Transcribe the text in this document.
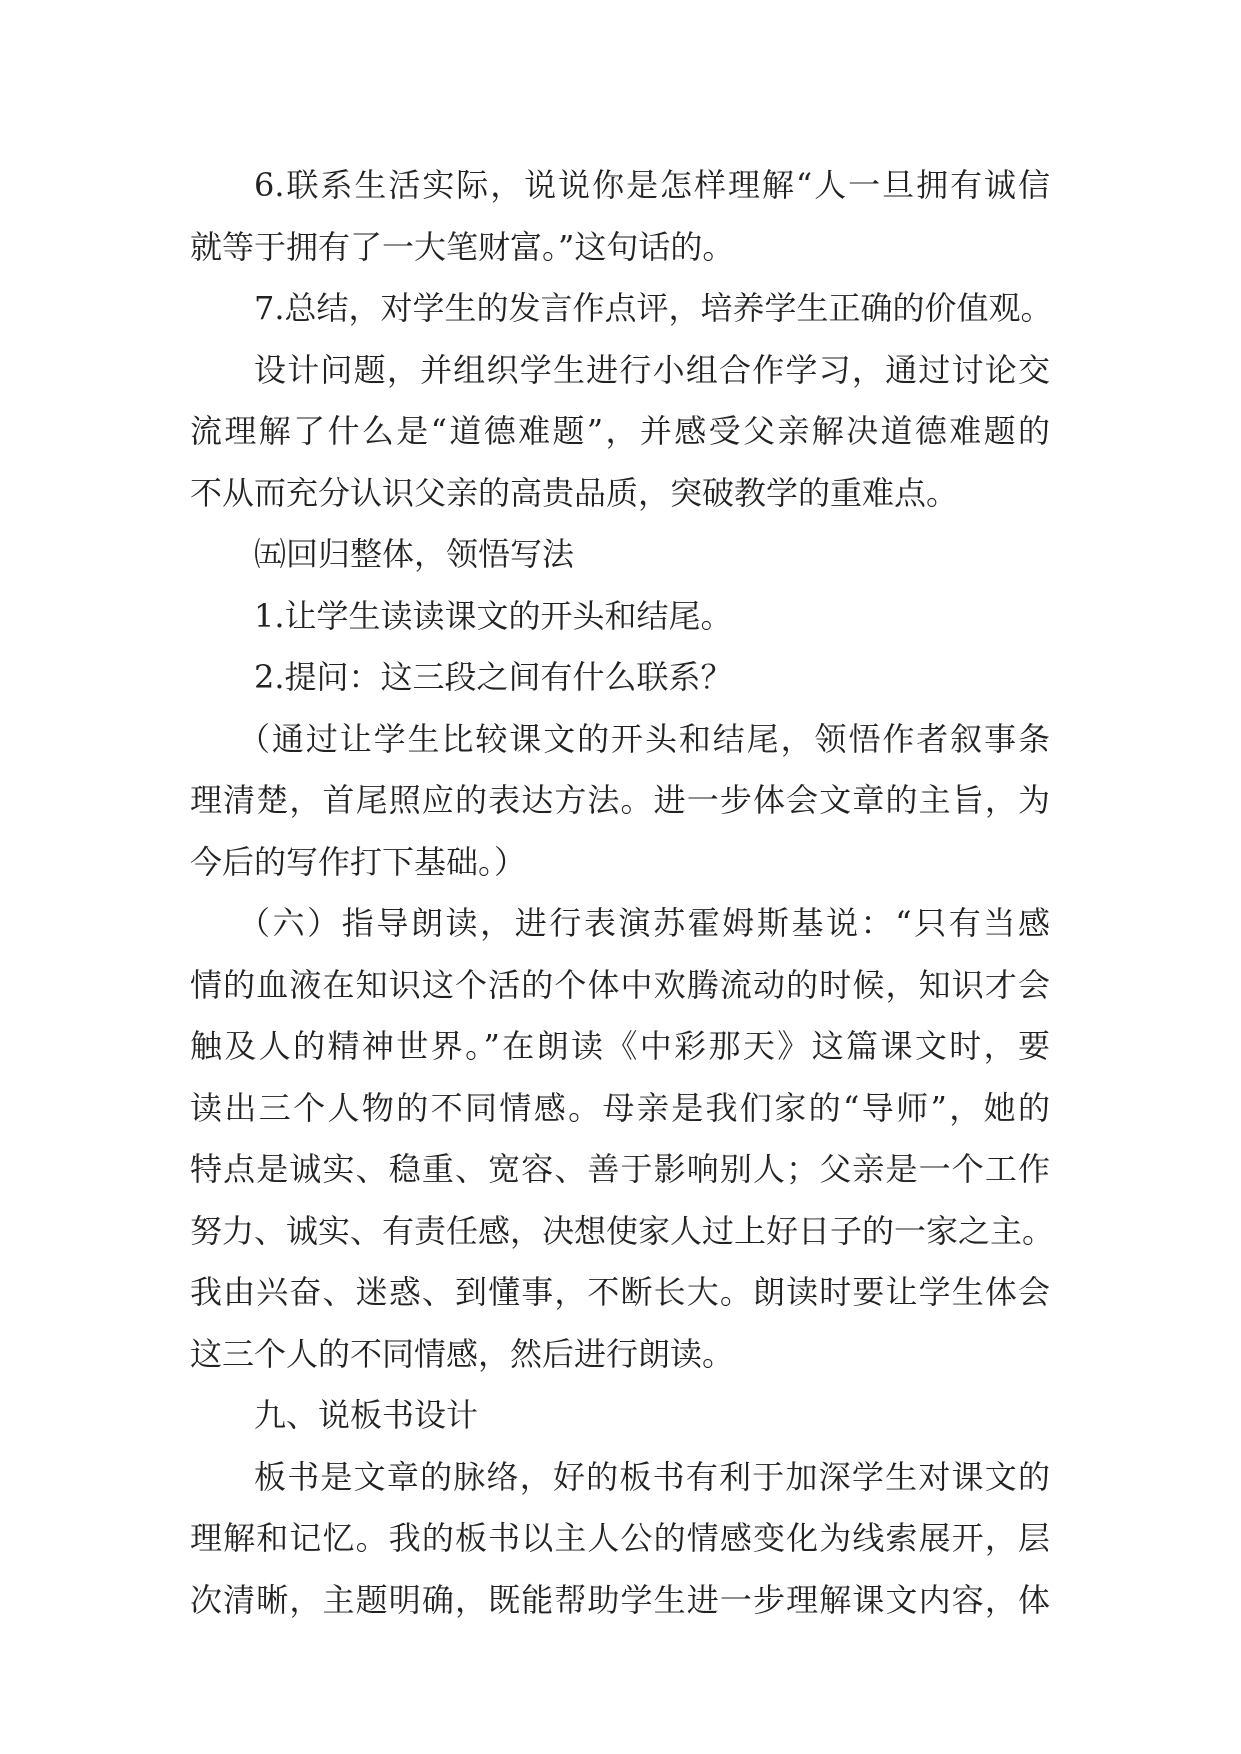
6.联系生活实际，说说你是怎样理解“人一旦拥有诚信
就等于拥有了一大笔财富。”这句话的。
7.总结，对学生的发言作点评，培养学生正确的价值观。
设计问题，并组织学生进行小组合作学习，通过讨论交
流理解了什么是“道德难题”，并感受父亲解决道德难题的
不从而充分认识父亲的高贵品质，突破教学的重难点。
㈤回归整体，领悟写法
1.让学生读读课文的开头和结尾。
2.提问：这三段之间有什么联系？
（通过让学生比较课文的开头和结尾，领悟作者叙事条
理清楚，首尾照应的表达方法。进一步体会文章的主旨，为
今后的写作打下基础。）
（六）指导朗读，进行表演苏霍姆斯基说：“只有当感
情的血液在知识这个活的个体中欢腾流动的时候，知识才会
触及人的精神世界。”在朗读《中彩那天》这篇课文时，要
读出三个人物的不同情感。母亲是我们家的“导师”，她的
特点是诚实、稳重、宽容、善于影响别人；父亲是一个工作
努力、诚实、有责任感，决想使家人过上好日子的一家之主。
我由兴奋、迷惑、到懂事，不断长大。朗读时要让学生体会
这三个人的不同情感，然后进行朗读。
九、说板书设计
板书是文章的脉络，好的板书有利于加深学生对课文的
理解和记忆。我的板书以主人公的情感变化为线索展开，层
次清晰，主题明确，既能帮助学生进一步理解课文内容，体
